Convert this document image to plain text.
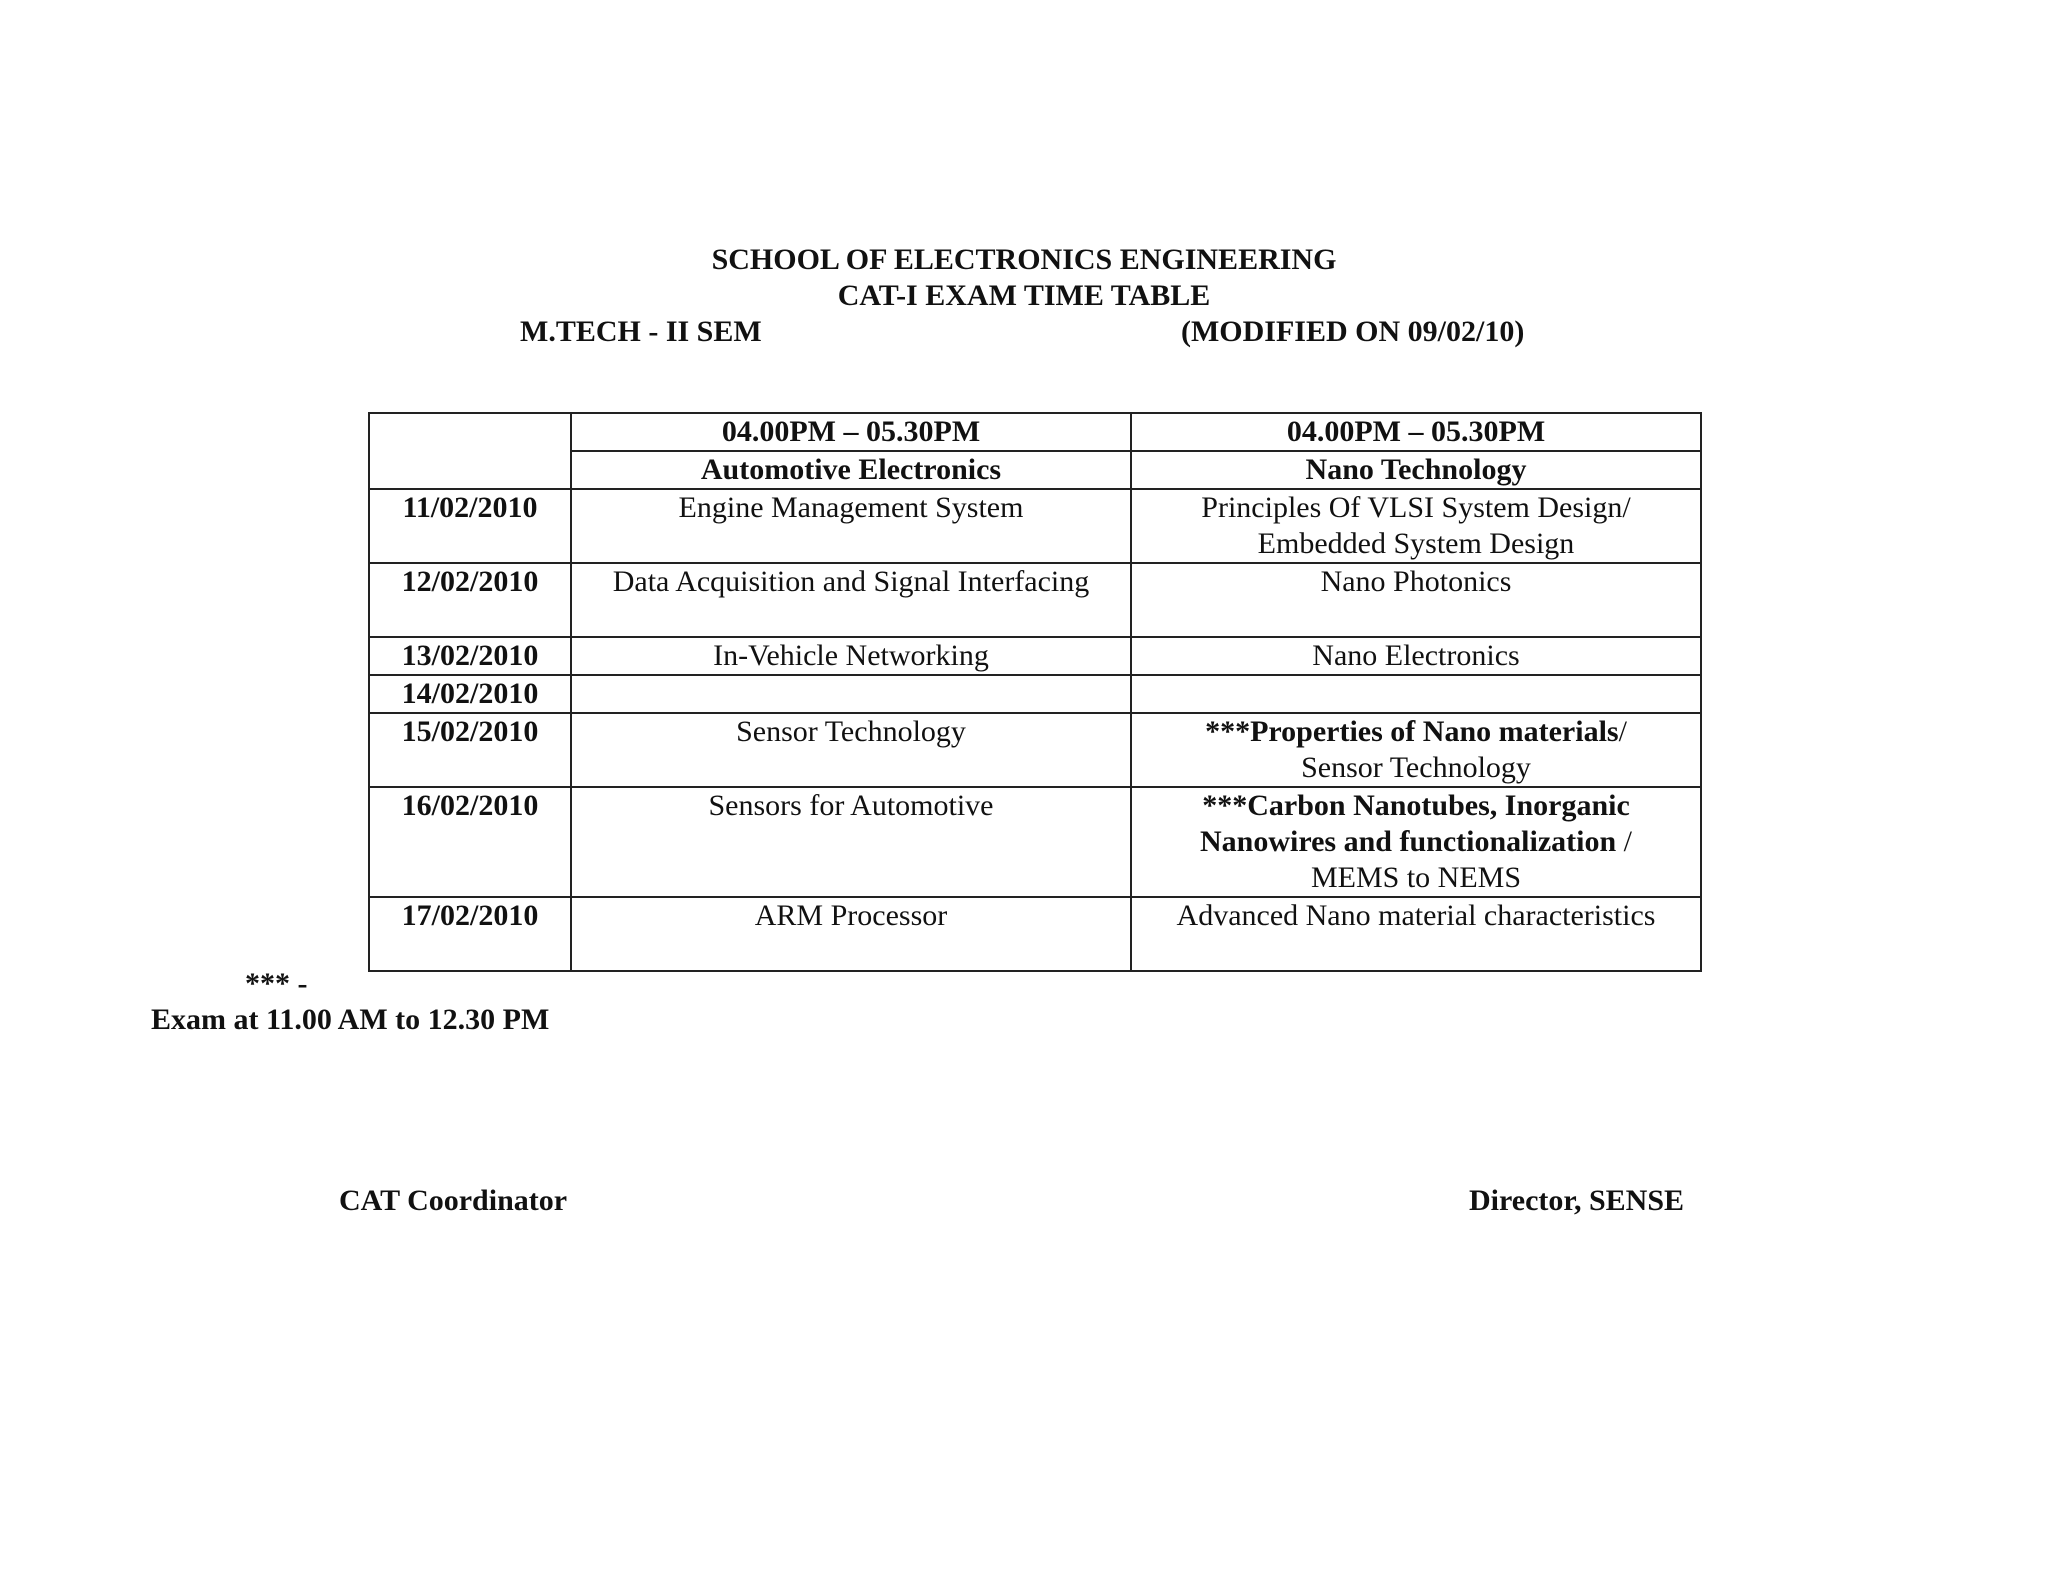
SCHOOL OF ELECTRONICS ENGINEERING
CAT-I EXAM TIME TABLE
M.TECH - II SEM	(MODIFIED ON 09/02/10)
	04.00PM – 05.30PM	04.00PM – 05.30PM
	Automotive Electronics	Nano Technology
11/02/2010	Engine Management System	Principles Of VLSI System Design/
Embedded System Design
12/02/2010	Data Acquisition and Signal Interfacing	Nano Photonics
13/02/2010	In-Vehicle Networking	Nano Electronics
14/02/2010		
15/02/2010	Sensor Technology	***Properties of Nano materials/
Sensor Technology
16/02/2010	Sensors for Automotive	***Carbon Nanotubes, Inorganic
Nanowires and functionalization /
MEMS to NEMS
17/02/2010	ARM Processor	Advanced Nano material characteristics
*** -
Exam at 11.00 AM to 12.30 PM
CAT Coordinator	Director, SENSE
